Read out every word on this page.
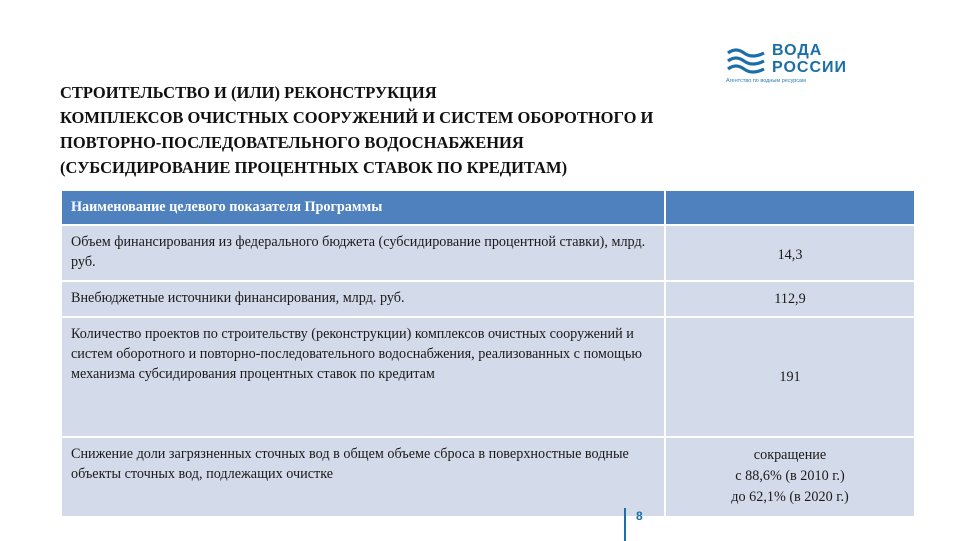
ВОДА
РОССИИ
Агентство по водным ресурсам
СТРОИТЕЛЬСТВО И (ИЛИ) РЕКОНСТРУКЦИЯ
КОМПЛЕКСОВ ОЧИСТНЫХ СООРУЖЕНИЙ И СИСТЕМ ОБОРОТНОГО И
ПОВТОРНО-ПОСЛЕДОВАТЕЛЬНОГО ВОДОСНАБЖЕНИЯ
(СУБСИДИРОВАНИЕ ПРОЦЕНТНЫХ СТАВОК ПО КРЕДИТАМ)
Наименование целевого показателя Программы	
Объем финансирования из федерального бюджета (субсидирование процентной ставки), млрд. руб.	14,3

Внебюджетные источники финансирования, млрд. руб.	112,9

Количество проектов по строительству (реконструкции) комплексов очистных сооружений и систем оборотного и повторно-последовательного водоснабжения, реализованных с помощью механизма субсидирования процентных ставок по кредитам	191

Снижение доли загрязненных сточных вод в общем объеме сброса в поверхностные водные объекты сточных вод, подлежащих очистке	сокращение
с 88,6% (в 2010 г.)
до 62,1% (в 2020 г.)
8
